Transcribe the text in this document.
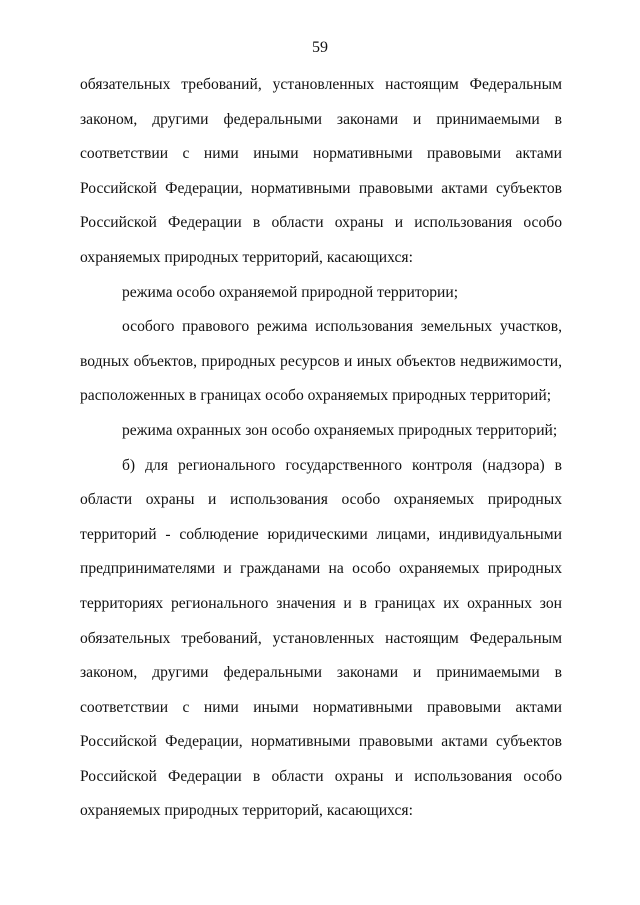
59
обязательных требований, установленных настоящим Федеральным
законом, другими федеральными законами и принимаемыми в
соответствии с ними иными нормативными правовыми актами
Российской Федерации, нормативными правовыми актами субъектов
Российской Федерации в области охраны и использования особо
охраняемых природных территорий, касающихся:
режима особо охраняемой природной территории;
особого правового режима использования земельных участков,
водных объектов, природных ресурсов и иных объектов недвижимости,
расположенных в границах особо охраняемых природных территорий;
режима охранных зон особо охраняемых природных территорий;
б) для регионального государственного контроля (надзора) в
области охраны и использования особо охраняемых природных
территорий - соблюдение юридическими лицами, индивидуальными
предпринимателями и гражданами на особо охраняемых природных
территориях регионального значения и в границах их охранных зон
обязательных требований, установленных настоящим Федеральным
законом, другими федеральными законами и принимаемыми в
соответствии с ними иными нормативными правовыми актами
Российской Федерации, нормативными правовыми актами субъектов
Российской Федерации в области охраны и использования особо
охраняемых природных территорий, касающихся:
